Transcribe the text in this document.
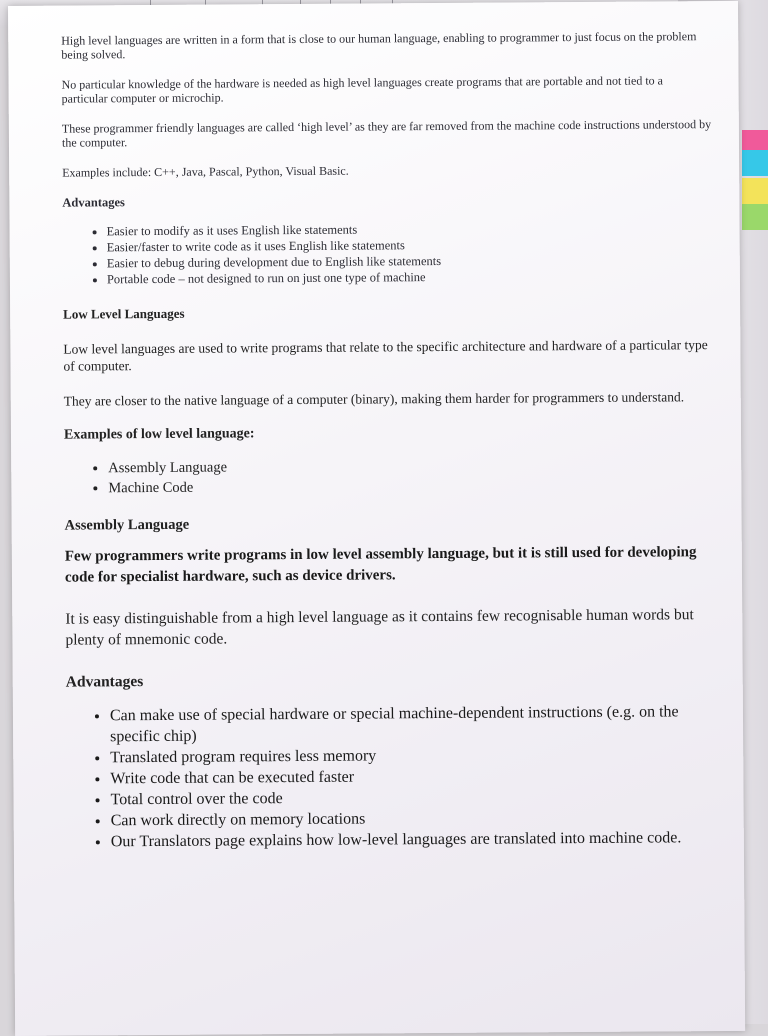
High level languages are written in a form that is close to our human language, enabling to programmer to just focus on the problem being solved.

No particular knowledge of the hardware is needed as high level languages create programs that are portable and not tied to a particular computer or microchip.

These programmer friendly languages are called ‘high level’ as they are far removed from the machine code instructions understood by the computer.

Examples include: C++, Java, Pascal, Python, Visual Basic.

Advantages

• Easier to modify as it uses English like statements
• Easier/faster to write code as it uses English like statements
• Easier to debug during development due to English like statements
• Portable code – not designed to run on just one type of machine

Low Level Languages

Low level languages are used to write programs that relate to the specific architecture and hardware of a particular type of computer.

They are closer to the native language of a computer (binary), making them harder for programmers to understand.

Examples of low level language:

• Assembly Language
• Machine Code

Assembly Language

Few programmers write programs in low level assembly language, but it is still used for developing code for specialist hardware, such as device drivers.

It is easy distinguishable from a high level language as it contains few recognisable human words but plenty of mnemonic code.

Advantages

• Can make use of special hardware or special machine-dependent instructions (e.g. on the specific chip)
• Translated program requires less memory
• Write code that can be executed faster
• Total control over the code
• Can work directly on memory locations
• Our Translators page explains how low-level languages are translated into machine code.
